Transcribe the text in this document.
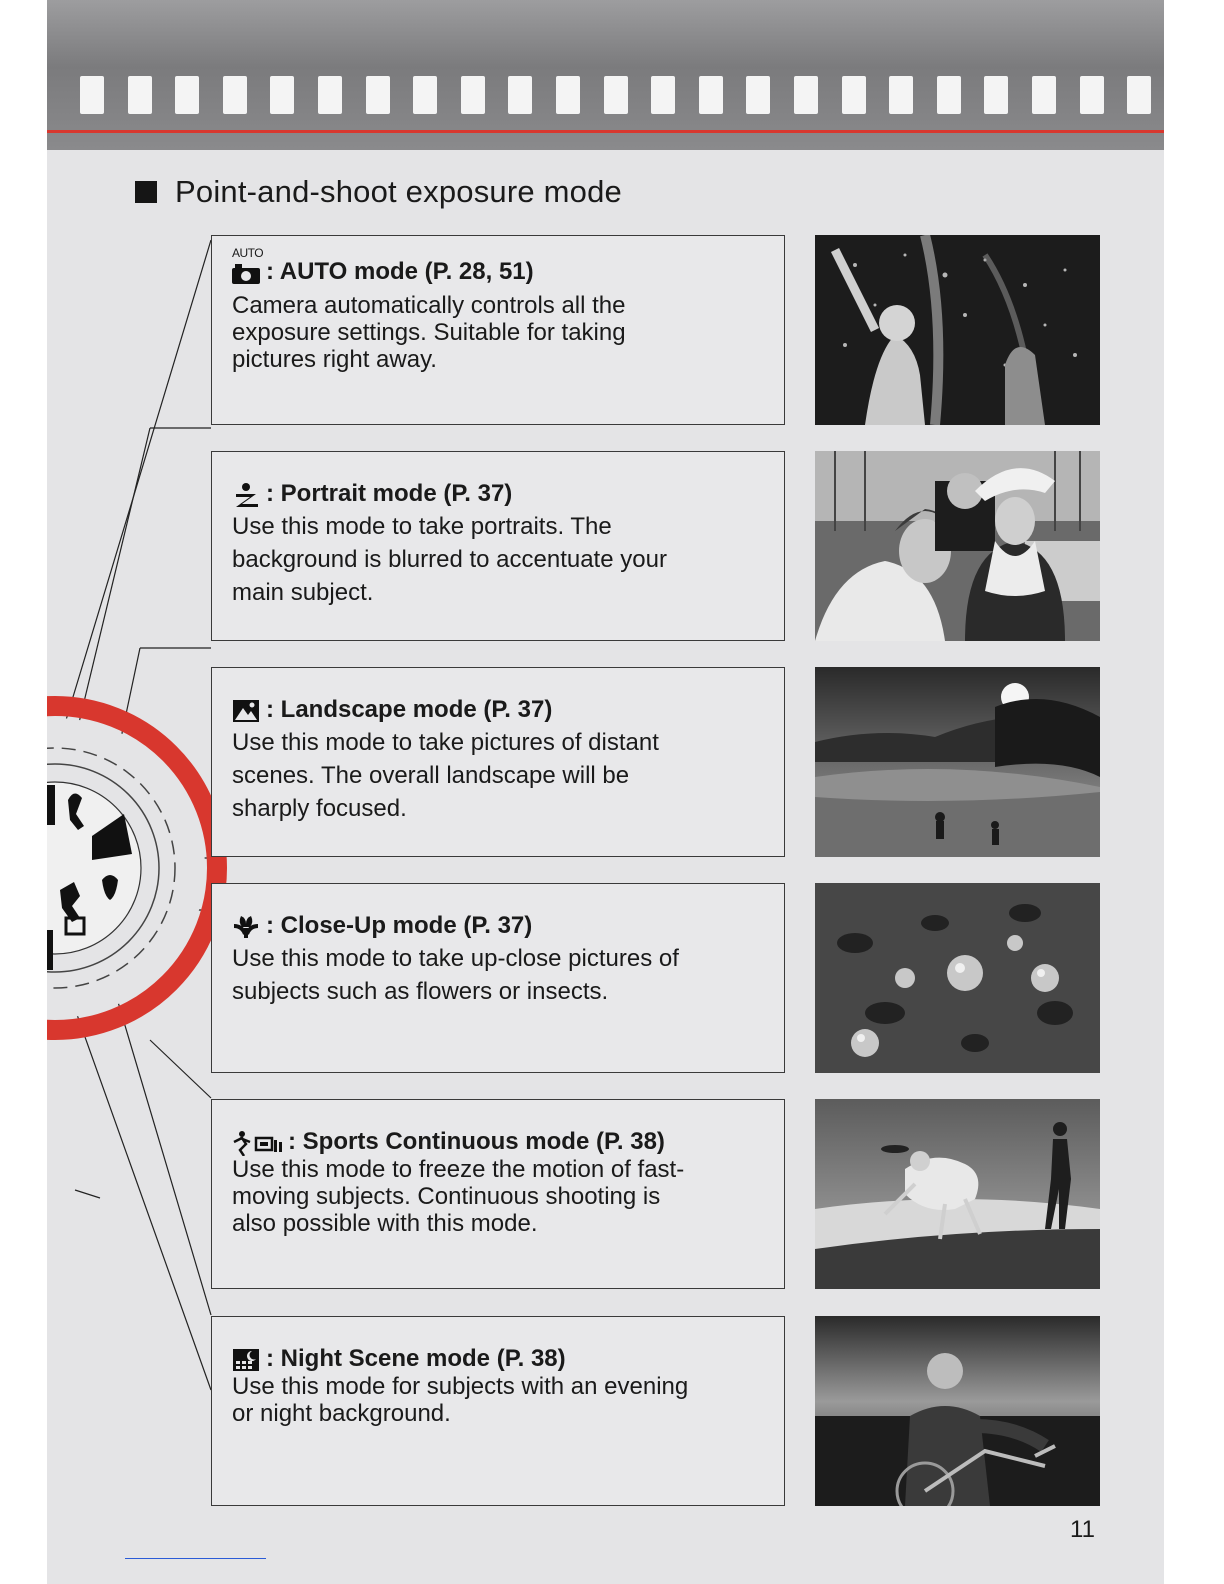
Point-and-shoot exposure mode
AUTO
: AUTO mode (P. 28, 51)
Camera automatically controls all the
exposure settings. Suitable for taking
pictures right away.
: Portrait mode (P. 37)
Use this mode to take portraits. The
background is blurred to accentuate your
main subject.
: Landscape mode (P. 37)
Use this mode to take pictures of distant
scenes. The overall landscape will be
sharply focused.
: Close-Up mode (P. 37)
Use this mode to take up-close pictures of
subjects such as flowers or insects.
: Sports Continuous mode (P. 38)
Use this mode to freeze the motion of fast-
moving subjects. Continuous shooting is
also possible with this mode.
: Night Scene mode (P. 38)
Use this mode for subjects with an evening
or night background.
11
